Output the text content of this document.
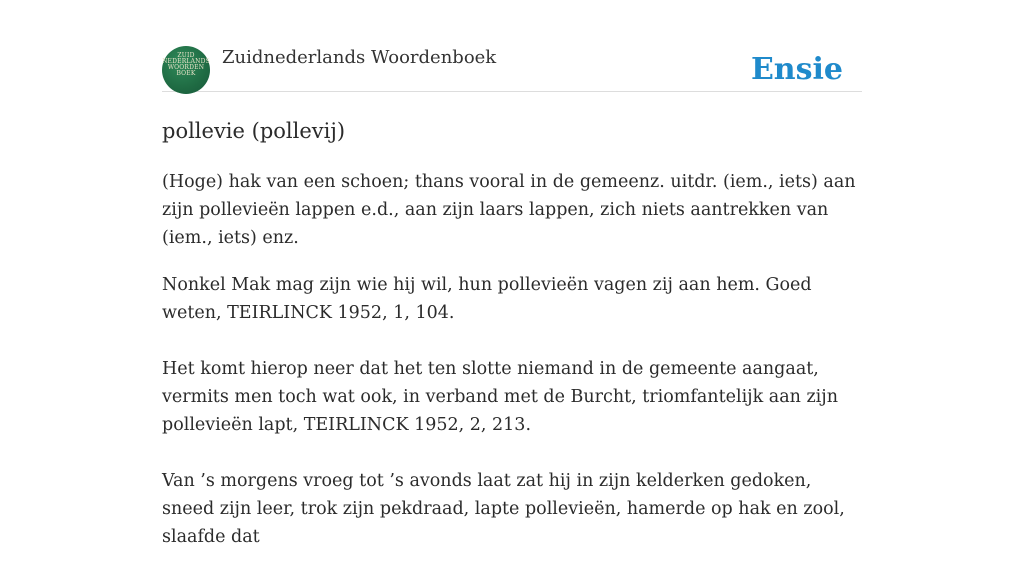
ZUID
NEDERLANDS
WOORDEN
BOEK
Zuidnederlands Woordenboek	Ensie
pollevie (pollevij)

(Hoge) hak van een schoen; thans vooral in de gemeenz. uitdr. (iem., iets) aan zijn pollevieën lappen e.d., aan zijn laars lappen, zich niets aantrekken van (iem., iets) enz.

Nonkel Mak mag zijn wie hij wil, hun pollevieën vagen zij aan hem. Goed weten, TEIRLINCK 1952, 1, 104.

Het komt hierop neer dat het ten slotte niemand in de gemeente aangaat, vermits men toch wat ook, in verband met de Burcht, triomfantelijk aan zijn pollevieën lapt, TEIRLINCK 1952, 2, 213.

Van ’s morgens vroeg tot ’s avonds laat zat hij in zijn kelderken gedoken, sneed zijn leer, trok zijn pekdraad, lapte pollevieën, hamerde op hak en zool, slaafde dat
